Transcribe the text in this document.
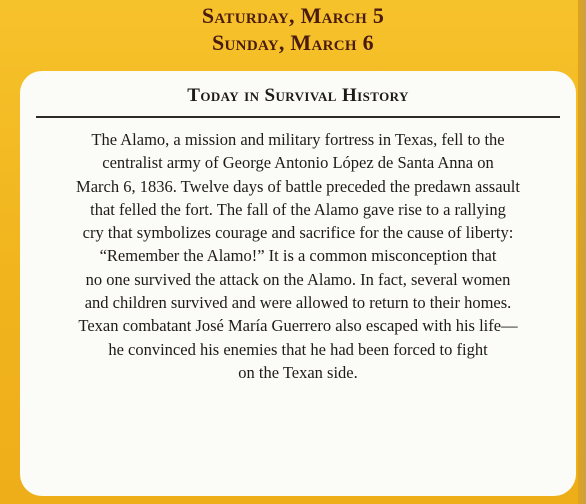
Saturday, March 5
Sunday, March 6
Today in Survival History
The Alamo, a mission and military fortress in Texas, fell to the
centralist army of George Antonio López de Santa Anna on
March 6, 1836. Twelve days of battle preceded the predawn assault
that felled the fort. The fall of the Alamo gave rise to a rallying
cry that symbolizes courage and sacrifice for the cause of liberty:
“Remember the Alamo!” It is a common misconception that
no one survived the attack on the Alamo. In fact, several women
and children survived and were allowed to return to their homes.
Texan combatant José María Guerrero also escaped with his life—
he convinced his enemies that he had been forced to fight
on the Texan side.
